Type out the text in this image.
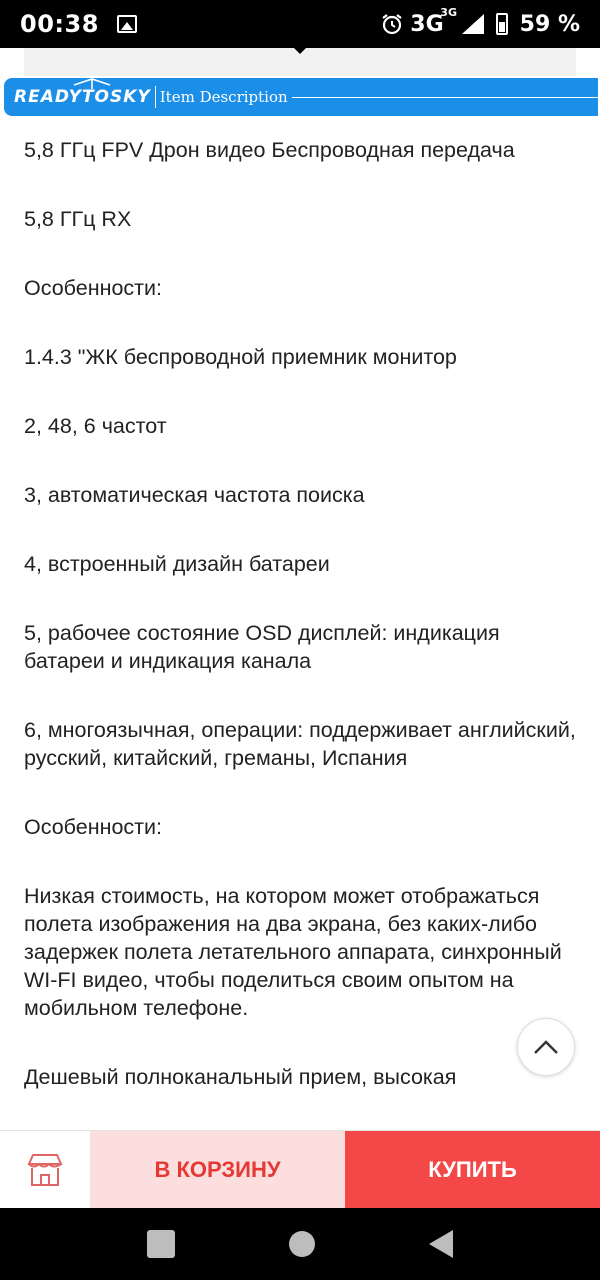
00:38	3G
3G	59 %
READYTOSKY Item Description

5,8 ГГц FPV Дрон видео Беспроводная передача

5,8 ГГц RX

Особенности:

1.4.3 "ЖК беспроводной приемник монитор

2, 48, 6 частот

3, автоматическая частота поиска

4, встроенный дизайн батареи

5, рабочее состояние OSD дисплей: индикация батареи и индикация канала

6, многоязычная, операции: поддерживает английский, русский, китайский, греманы, Испания

Особенности:

Низкая стоимость, на котором может отображаться полета изображения на два экрана, без каких-либо задержек полета летательного аппарата, синхронный WI-FI видео, чтобы поделиться своим опытом на мобильном телефоне.

Дешевый полноканальный прием, высокая

В КОРЗИНУ	КУПИТЬ
